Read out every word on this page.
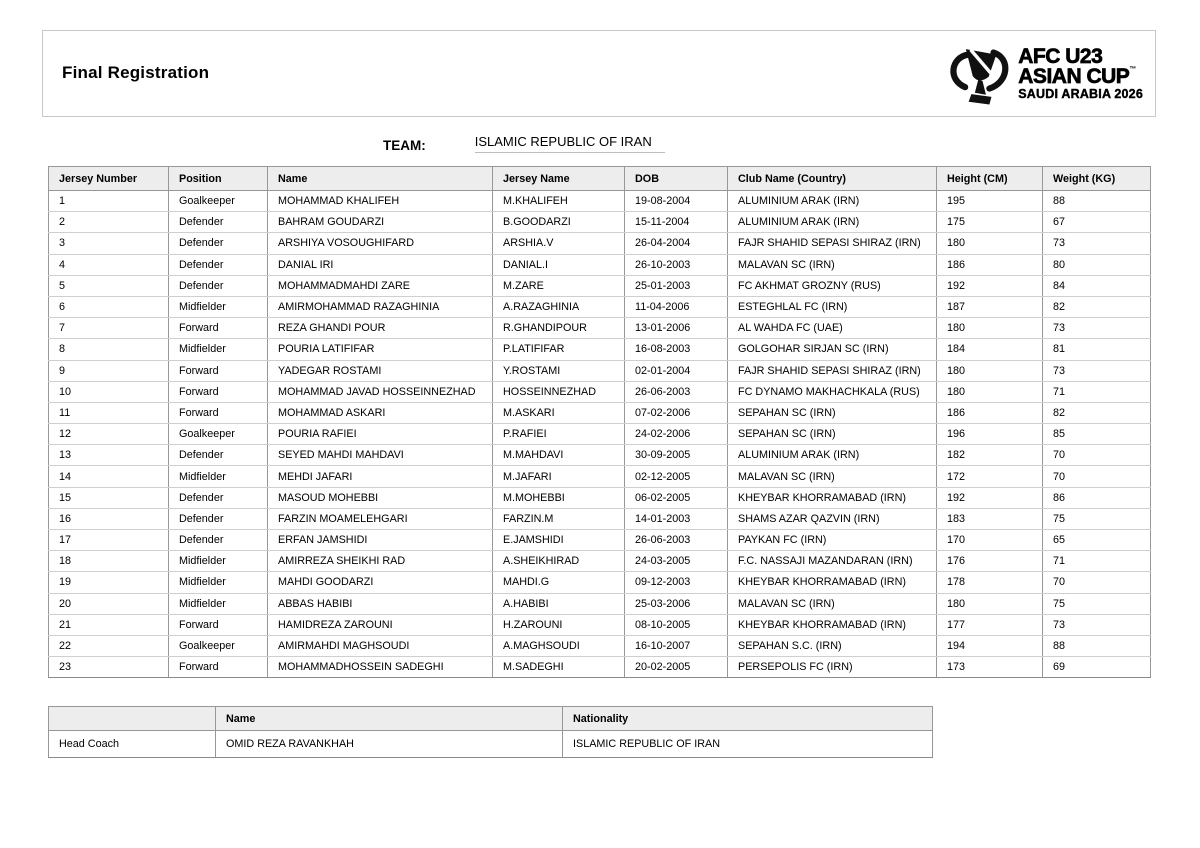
Final Registration
AFC U23
ASIAN CUP™
SAUDI ARABIA 2026
TEAM:	ISLAMIC REPUBLIC OF IRAN
Jersey Number	Position	Name	Jersey Name	DOB	Club Name (Country)	Height (CM)	Weight (KG)
1	Goalkeeper	MOHAMMAD KHALIFEH	M.KHALIFEH	19-08-2004	ALUMINIUM ARAK (IRN)	195	88
2	Defender	BAHRAM GOUDARZI	B.GOODARZI	15-11-2004	ALUMINIUM ARAK (IRN)	175	67
3	Defender	ARSHIYA VOSOUGHIFARD	ARSHIA.V	26-04-2004	FAJR SHAHID SEPASI SHIRAZ (IRN)	180	73
4	Defender	DANIAL IRI	DANIAL.I	26-10-2003	MALAVAN SC (IRN)	186	80
5	Defender	MOHAMMADMAHDI ZARE	M.ZARE	25-01-2003	FC AKHMAT GROZNY (RUS)	192	84
6	Midfielder	AMIRMOHAMMAD RAZAGHINIA	A.RAZAGHINIA	11-04-2006	ESTEGHLAL FC (IRN)	187	82
7	Forward	REZA GHANDI POUR	R.GHANDIPOUR	13-01-2006	AL WAHDA FC (UAE)	180	73
8	Midfielder	POURIA LATIFIFAR	P.LATIFIFAR	16-08-2003	GOLGOHAR SIRJAN SC (IRN)	184	81
9	Forward	YADEGAR ROSTAMI	Y.ROSTAMI	02-01-2004	FAJR SHAHID SEPASI SHIRAZ (IRN)	180	73
10	Forward	MOHAMMAD JAVAD HOSSEINNEZHAD	HOSSEINNEZHAD	26-06-2003	FC DYNAMO MAKHACHKALA (RUS)	180	71
11	Forward	MOHAMMAD ASKARI	M.ASKARI	07-02-2006	SEPAHAN SC (IRN)	186	82
12	Goalkeeper	POURIA RAFIEI	P.RAFIEI	24-02-2006	SEPAHAN SC (IRN)	196	85
13	Defender	SEYED MAHDI MAHDAVI	M.MAHDAVI	30-09-2005	ALUMINIUM ARAK (IRN)	182	70
14	Midfielder	MEHDI JAFARI	M.JAFARI	02-12-2005	MALAVAN SC (IRN)	172	70
15	Defender	MASOUD MOHEBBI	M.MOHEBBI	06-02-2005	KHEYBAR KHORRAMABAD (IRN)	192	86
16	Defender	FARZIN MOAMELEHGARI	FARZIN.M	14-01-2003	SHAMS AZAR QAZVIN (IRN)	183	75
17	Defender	ERFAN JAMSHIDI	E.JAMSHIDI	26-06-2003	PAYKAN FC (IRN)	170	65
18	Midfielder	AMIRREZA SHEIKHI RAD	A.SHEIKHIRAD	24-03-2005	F.C. NASSAJI MAZANDARAN (IRN)	176	71
19	Midfielder	MAHDI GOODARZI	MAHDI.G	09-12-2003	KHEYBAR KHORRAMABAD (IRN)	178	70
20	Midfielder	ABBAS HABIBI	A.HABIBI	25-03-2006	MALAVAN SC (IRN)	180	75
21	Forward	HAMIDREZA ZAROUNI	H.ZAROUNI	08-10-2005	KHEYBAR KHORRAMABAD (IRN)	177	73
22	Goalkeeper	AMIRMAHDI MAGHSOUDI	A.MAGHSOUDI	16-10-2007	SEPAHAN S.C. (IRN)	194	88
23	Forward	MOHAMMADHOSSEIN SADEGHI	M.SADEGHI	20-02-2005	PERSEPOLIS FC (IRN)	173	69
	Name	Nationality
Head Coach	OMID REZA RAVANKHAH	ISLAMIC REPUBLIC OF IRAN
